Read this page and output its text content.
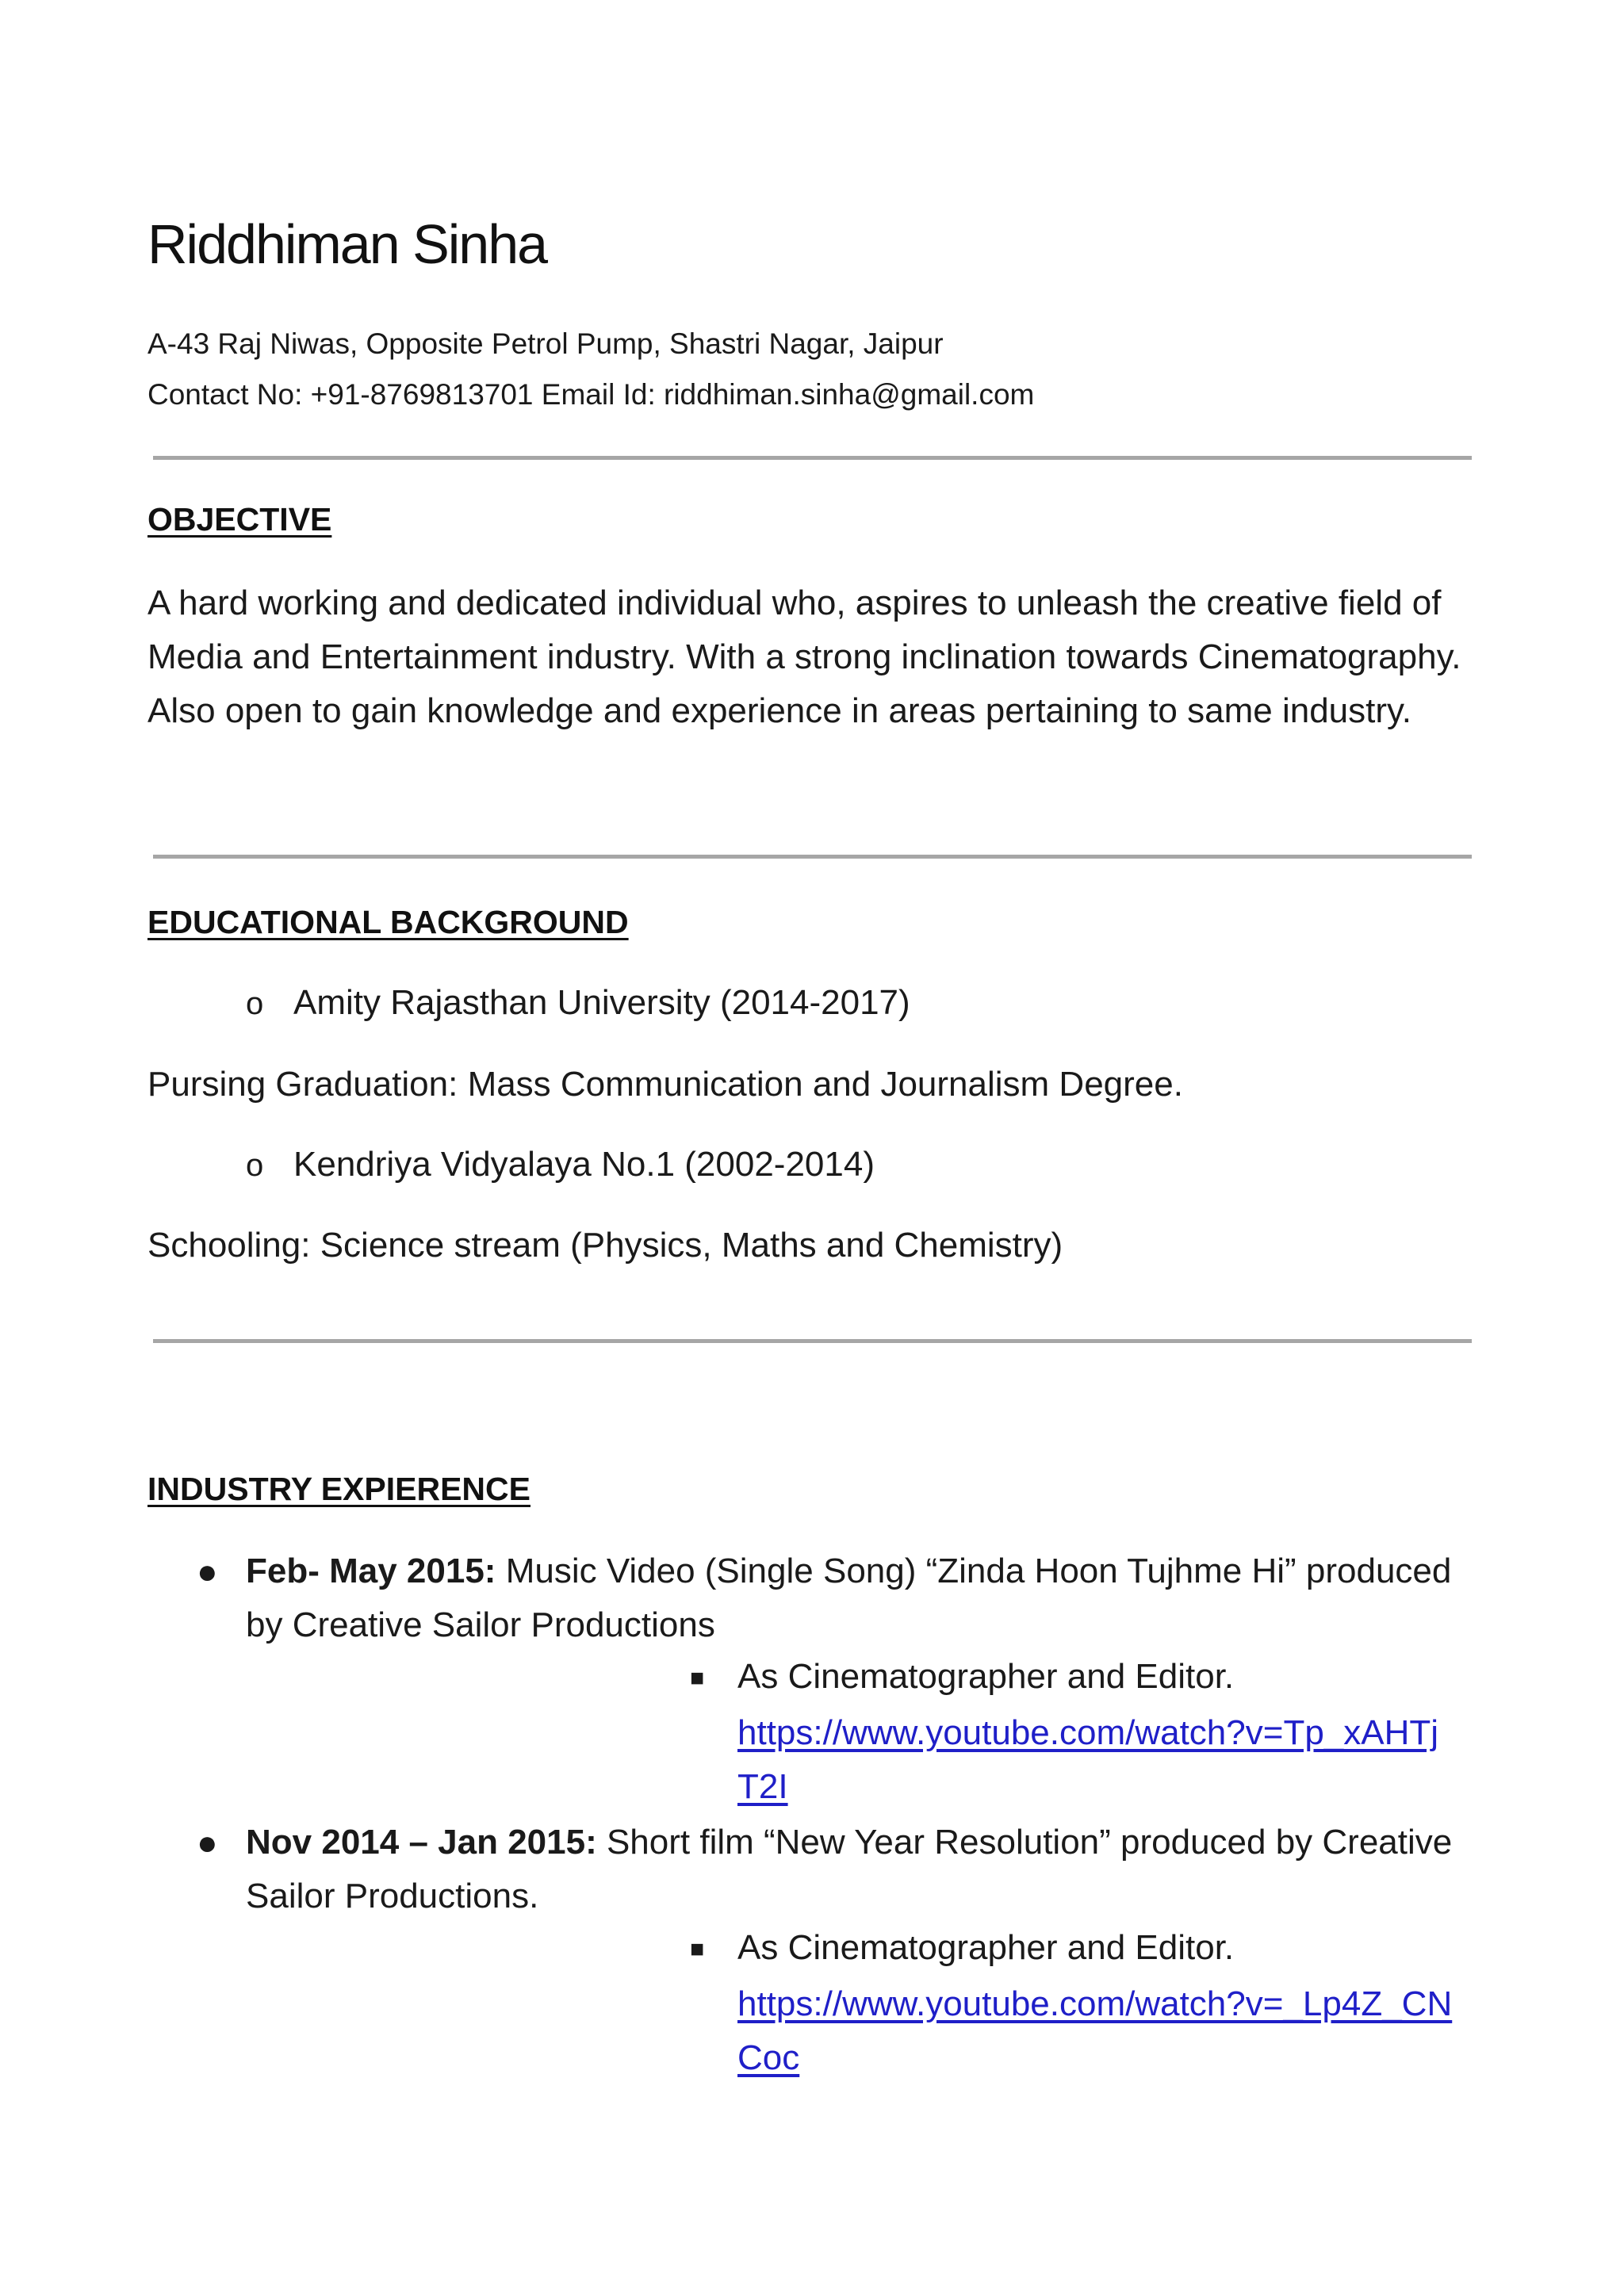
Riddhiman Sinha
A-43 Raj Niwas, Opposite Petrol Pump, Shastri Nagar, Jaipur
Contact No: +91-8769813701 Email Id: riddhiman.sinha@gmail.com
OBJECTIVE
A hard working and dedicated individual who, aspires to unleash the creative field of Media and Entertainment industry. With a strong inclination towards Cinematography. Also open to gain knowledge and experience in areas pertaining to same industry.
EDUCATIONAL BACKGROUND
o Amity Rajasthan University (2014-2017)
Pursing Graduation: Mass Communication and Journalism Degree.
o Kendriya Vidyalaya No.1 (2002-2014)
Schooling: Science stream (Physics, Maths and Chemistry)
INDUSTRY EXPIERENCE
● Feb- May 2015: Music Video (Single Song) “Zinda Hoon Tujhme Hi” produced
by Creative Sailor Productions
■ As Cinematographer and Editor.
https://www.youtube.com/watch?v=Tp_xAHTj
T2I
● Nov 2014 – Jan 2015: Short film “New Year Resolution” produced by Creative
Sailor Productions.
■ As Cinematographer and Editor.
https://www.youtube.com/watch?v=_Lp4Z_CN
Coc
